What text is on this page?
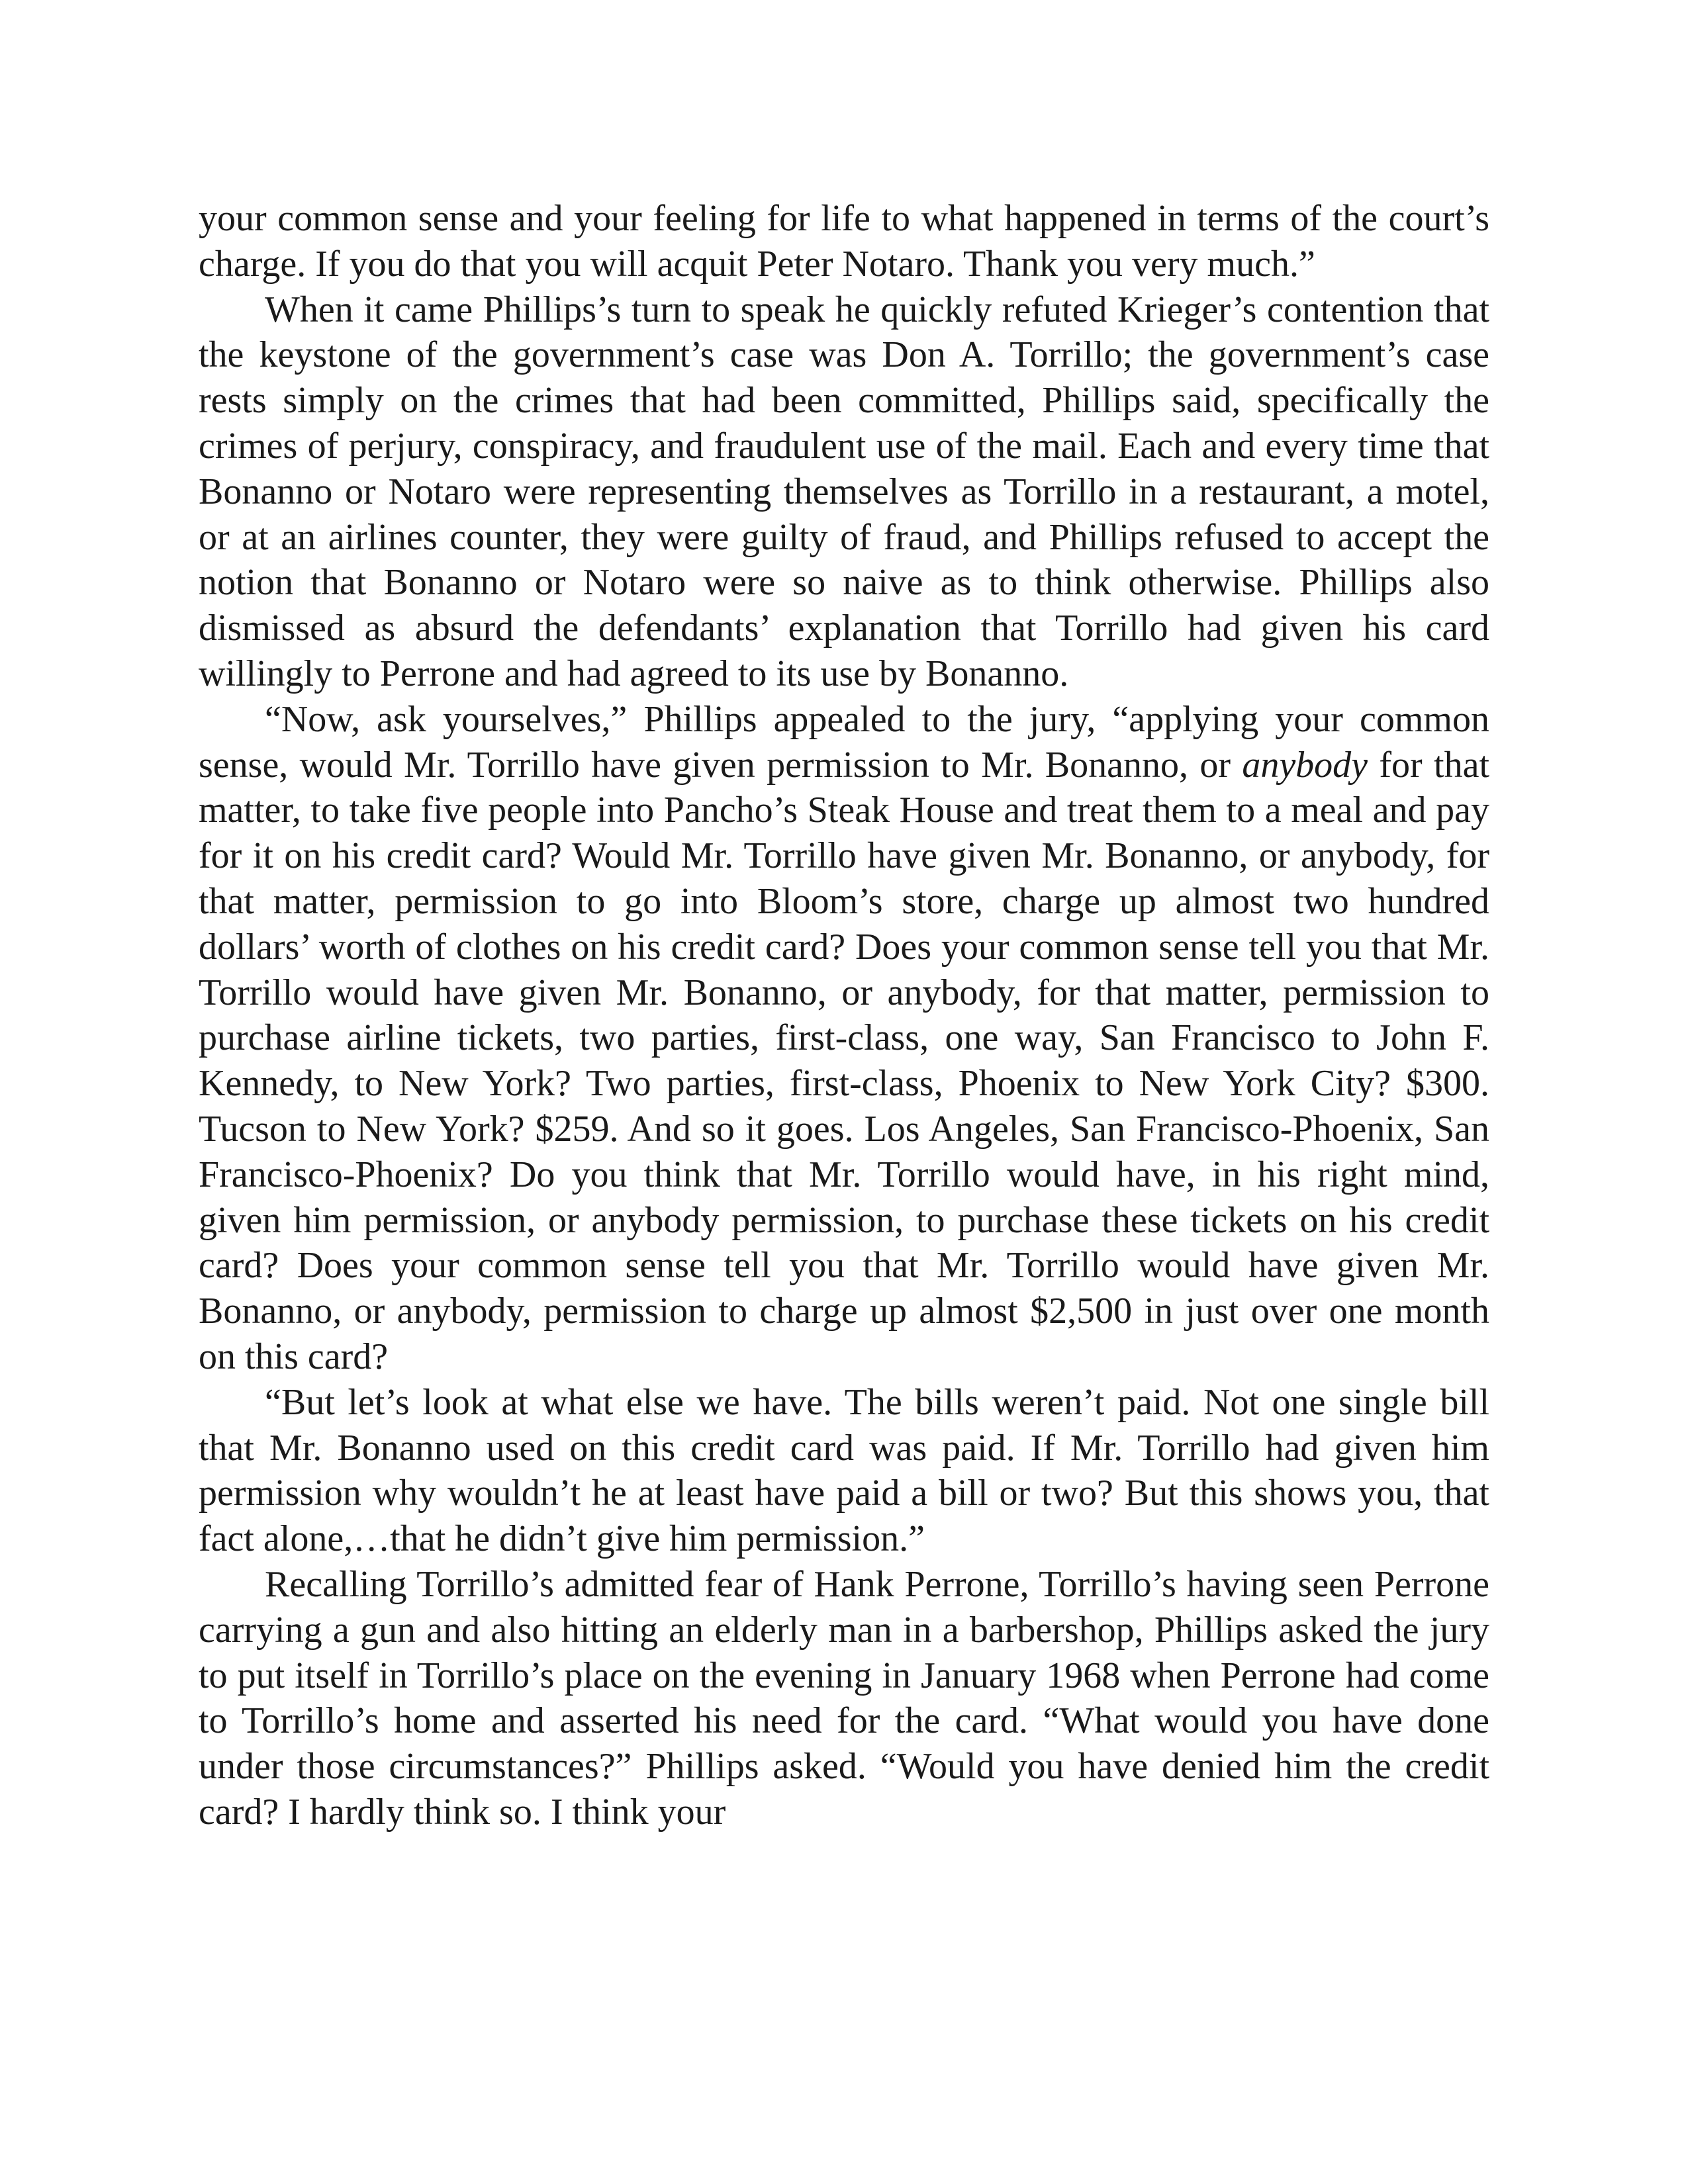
your common sense and your feeling for life to what happened in terms of the court’s charge. If you do that you will acquit Peter Notaro. Thank you very much.”

When it came Phillips’s turn to speak he quickly refuted Krieger’s contention that the keystone of the government’s case was Don A. Torrillo; the government’s case rests simply on the crimes that had been committed, Phillips said, specifically the crimes of perjury, conspiracy, and fraudulent use of the mail. Each and every time that Bonanno or Notaro were representing themselves as Torrillo in a restaurant, a motel, or at an airlines counter, they were guilty of fraud, and Phillips refused to accept the notion that Bonanno or Notaro were so naive as to think otherwise. Phillips also dismissed as absurd the defendants’ explanation that Torrillo had given his card willingly to Perrone and had agreed to its use by Bonanno.

“Now, ask yourselves,” Phillips appealed to the jury, “applying your common sense, would Mr. Torrillo have given permission to Mr. Bonanno, or anybody for that matter, to take five people into Pancho’s Steak House and treat them to a meal and pay for it on his credit card? Would Mr. Torrillo have given Mr. Bonanno, or anybody, for that matter, permission to go into Bloom’s store, charge up almost two hundred dollars’ worth of clothes on his credit card? Does your common sense tell you that Mr. Torrillo would have given Mr. Bonanno, or anybody, for that matter, permission to purchase airline tickets, two parties, first-class, one way, San Francisco to John F. Kennedy, to New York? Two parties, first-class, Phoenix to New York City? $300. Tucson to New York? $259. And so it goes. Los Angeles, San Francisco-Phoenix, San Francisco-Phoenix? Do you think that Mr. Torrillo would have, in his right mind, given him permission, or anybody permission, to purchase these tickets on his credit card? Does your common sense tell you that Mr. Torrillo would have given Mr. Bonanno, or anybody, permission to charge up almost $2,500 in just over one month on this card?

“But let’s look at what else we have. The bills weren’t paid. Not one single bill that Mr. Bonanno used on this credit card was paid. If Mr. Torrillo had given him permission why wouldn’t he at least have paid a bill or two? But this shows you, that fact alone,…that he didn’t give him permission.”

Recalling Torrillo’s admitted fear of Hank Perrone, Torrillo’s having seen Perrone carrying a gun and also hitting an elderly man in a barbershop, Phillips asked the jury to put itself in Torrillo’s place on the evening in January 1968 when Perrone had come to Torrillo’s home and asserted his need for the card. “What would you have done under those circumstances?” Phillips asked. “Would you have denied him the credit card? I hardly think so. I think your
